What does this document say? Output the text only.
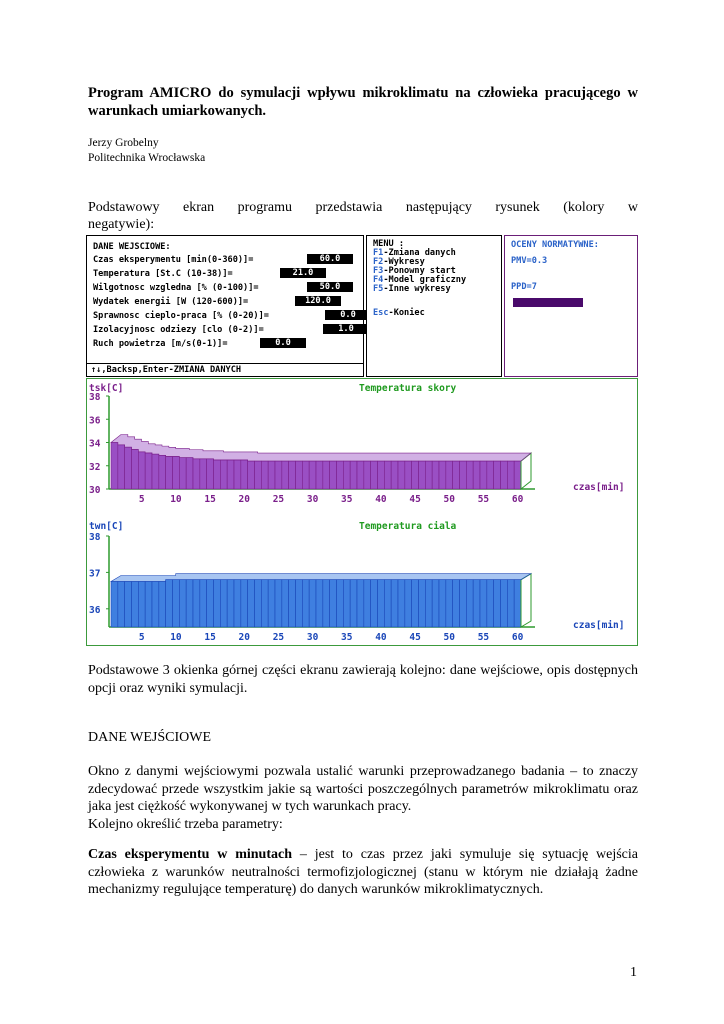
Program AMICRO do symulacji wpływu mikroklimatu na człowieka pracującego w warunkach umiarkowanych.
Jerzy Grobelny
Politechnika Wrocławska

Podstawowy ekran programu przedstawia następujący rysunek (kolory w

negatywie):

DANE WEJSCIOWE:
Czas eksperymentu [min(0-360)]=	60.0
Temperatura [St.C (10-38)]=	21.0
Wilgotnosc wzgledna [% (0-100)]=	50.0
Wydatek energii [W (120-600)]=	120.0
Sprawnosc cieplo-praca [% (0-20)]=	0.0
Izolacyjnosc odziezy [clo (0-2)]=	1.0
Ruch powietrza [m/s(0-1)]=	0.0
↑↓,Backsp,Enter-ZMIANA DANYCH
MENU :
F1-Zmiana danych
F2-Wykresy
F3-Ponowny start
F4-Model graficzny
F5-Inne wykresy
Esc-Koniec
OCENY NORMATYWNE:
PMV=0.3
PPD=7
tsk[C]	Temperatura skory
czas[min]
38
36
34
32
30
5	10 15 20 25 30 35 40 45 50 55 60
twn[C]	Temperatura ciala
czas[min]
38
37
36
5	10 15 20 25 30 35 40 45 50 55 60

Podstawowe 3 okienka górnej części ekranu zawierają kolejno: dane wejściowe, opis dostępnych opcji oraz wyniki symulacji.

DANE WEJŚCIOWE
Okno z danymi wejściowymi pozwala ustalić warunki przeprowadzanego badania – to znaczy zdecydować przede wszystkim jakie są wartości poszczególnych parametrów mikroklimatu oraz jaka jest ciężkość wykonywanej w tych warunkach pracy.
Kolejno określić trzeba parametry:

Czas eksperymentu w minutach – jest to czas przez jaki symuluje się sytuację wejścia człowieka z warunków neutralności termofizjologicznej (stanu w którym nie działają żadne mechanizmy regulujące temperaturę) do danych warunków mikroklimatycznych.

1
